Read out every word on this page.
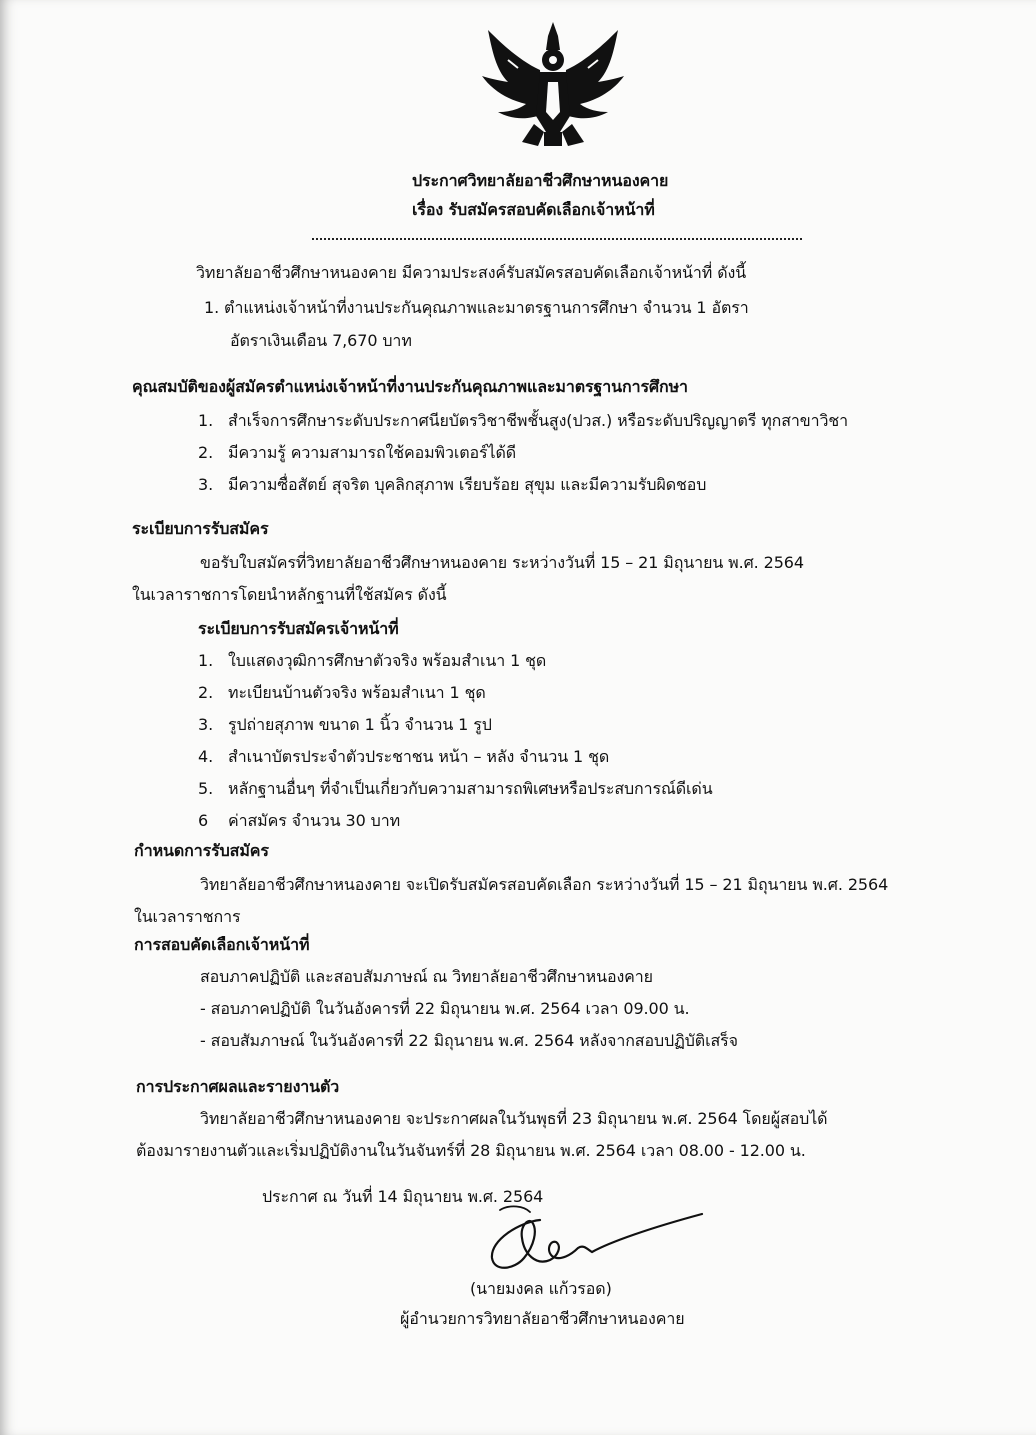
ประกาศวิทยาลัยอาชีวศึกษาหนองคาย
เรื่อง รับสมัครสอบคัดเลือกเจ้าหน้าที่
วิทยาลัยอาชีวศึกษาหนองคาย มีความประสงค์รับสมัครสอบคัดเลือกเจ้าหน้าที่ ดังนี้
1. ตำแหน่งเจ้าหน้าที่งานประกันคุณภาพและมาตรฐานการศึกษา จำนวน 1 อัตรา
อัตราเงินเดือน 7,670 บาท
คุณสมบัติของผู้สมัครตำแหน่งเจ้าหน้าที่งานประกันคุณภาพและมาตรฐานการศึกษา
1. สำเร็จการศึกษาระดับประกาศนียบัตรวิชาชีพชั้นสูง(ปวส.) หรือระดับปริญญาตรี ทุกสาขาวิชา
2. มีความรู้ ความสามารถใช้คอมพิวเตอร์ได้ดี
3. มีความซื่อสัตย์ สุจริต บุคลิกสุภาพ เรียบร้อย สุขุม และมีความรับผิดชอบ
ระเบียบการรับสมัคร
ขอรับใบสมัครที่วิทยาลัยอาชีวศึกษาหนองคาย ระหว่างวันที่ 15 – 21 มิถุนายน พ.ศ. 2564
ในเวลาราชการโดยนำหลักฐานที่ใช้สมัคร ดังนี้
ระเบียบการรับสมัครเจ้าหน้าที่
1. ใบแสดงวุฒิการศึกษาตัวจริง พร้อมสำเนา 1 ชุด
2. ทะเบียนบ้านตัวจริง พร้อมสำเนา 1 ชุด
3. รูปถ่ายสุภาพ ขนาด 1 นิ้ว จำนวน 1 รูป
4. สำเนาบัตรประจำตัวประชาชน หน้า – หลัง จำนวน 1 ชุด
5. หลักฐานอื่นๆ ที่จำเป็นเกี่ยวกับความสามารถพิเศษหรือประสบการณ์ดีเด่น
6 ค่าสมัคร จำนวน 30 บาท
กำหนดการรับสมัคร
วิทยาลัยอาชีวศึกษาหนองคาย จะเปิดรับสมัครสอบคัดเลือก ระหว่างวันที่ 15 – 21 มิถุนายน พ.ศ. 2564
ในเวลาราชการ
การสอบคัดเลือกเจ้าหน้าที่
สอบภาคปฏิบัติ และสอบสัมภาษณ์ ณ วิทยาลัยอาชีวศึกษาหนองคาย
- สอบภาคปฏิบัติ ในวันอังคารที่ 22 มิถุนายน พ.ศ. 2564 เวลา 09.00 น.
- สอบสัมภาษณ์ ในวันอังคารที่ 22 มิถุนายน พ.ศ. 2564 หลังจากสอบปฏิบัติเสร็จ
การประกาศผลและรายงานตัว
วิทยาลัยอาชีวศึกษาหนองคาย จะประกาศผลในวันพุธที่ 23 มิถุนายน พ.ศ. 2564 โดยผู้สอบได้
ต้องมารายงานตัวและเริ่มปฏิบัติงานในวันจันทร์ที่ 28 มิถุนายน พ.ศ. 2564 เวลา 08.00 - 12.00 น.
ประกาศ ณ วันที่ 14 มิถุนายน พ.ศ. 2564
(นายมงคล แก้วรอด)
ผู้อำนวยการวิทยาลัยอาชีวศึกษาหนองคาย
